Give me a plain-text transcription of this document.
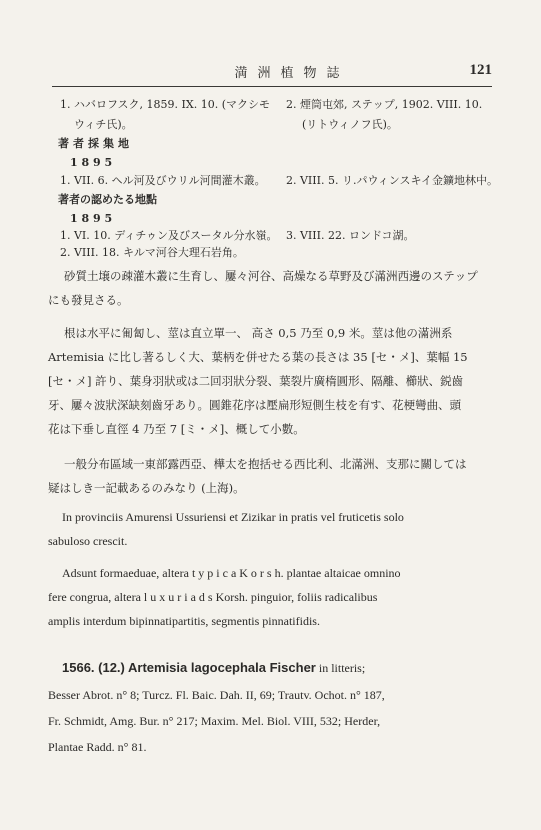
満洲植物誌	121
1. ハバロフスク, 1859. IX. 10. (マクシモ
ウィチ氏)。
2. 煙筒屯郊, ステップ, 1902. VIII. 10.
(リトウィノフ氏)。
著者採集地
1 8 9 5
1. VII. 6. ヘル河及びウリル河間灌木叢。 2. VIII. 5. リ.パウィンスキイ金鑛地林中。
著者の認めたる地點
1 8 9 5
1. VI. 10. ディチゥン及びスータル分水嶺。
2. VIII. 18. キルマ河谷大理石岩角。
3. VIII. 22. ロンドコ湖。
砂質土壌の疎灌木叢に生育し、屢々河谷、高燥なる草野及び滿洲西邊のステップ
にも發見さる。
根は水平に匍匐し、莖は直立單一、 高さ 0,5 乃至 0,9 米。莖は他の滿洲系
Artemisia に比し著るしく大、葉柄を併せたる葉の長さは 35 [セ・メ]、葉幅 15
[セ・メ] 許り、葉身羽狀或は二回羽狀分裂、葉裂片廣楕圓形、隔離、櫛狀、鋭齒
牙、屢々波狀深缺刻齒牙あり。圓錐花序は壓扁形短側生枝を有す、花梗彎曲、頭
花は下垂し直徑 4 乃至 7 [ミ・メ]、概して小數。
一般分布區域一東部露西亞、樺太を抱括せる西比利、北滿洲、支那に關しては
疑はしき一記載あるのみなり (上海)。
In provinciis Amurensi Ussuriensi et Zizikar in pratis vel fruticetis solo
sabuloso crescit.
Adsunt formaeduae, altera t y p i c a K o r s h. plantae altaicae omnino
fere congrua, altera l u x u r i a d s Korsh. pinguior, foliis radicalibus
amplis interdum bipinnatipartitis, segmentis pinnatifidis.
1566. (12.) Artemisia lagocephala Fischer in litteris;
Besser Abrot. n° 8; Turcz. Fl. Baic. Dah. II, 69; Trautv. Ochot. n° 187,
Fr. Schmidt, Amg. Bur. n° 217; Maxim. Mel. Biol. VIII, 532; Herder,
Plantae Radd. n° 81.
